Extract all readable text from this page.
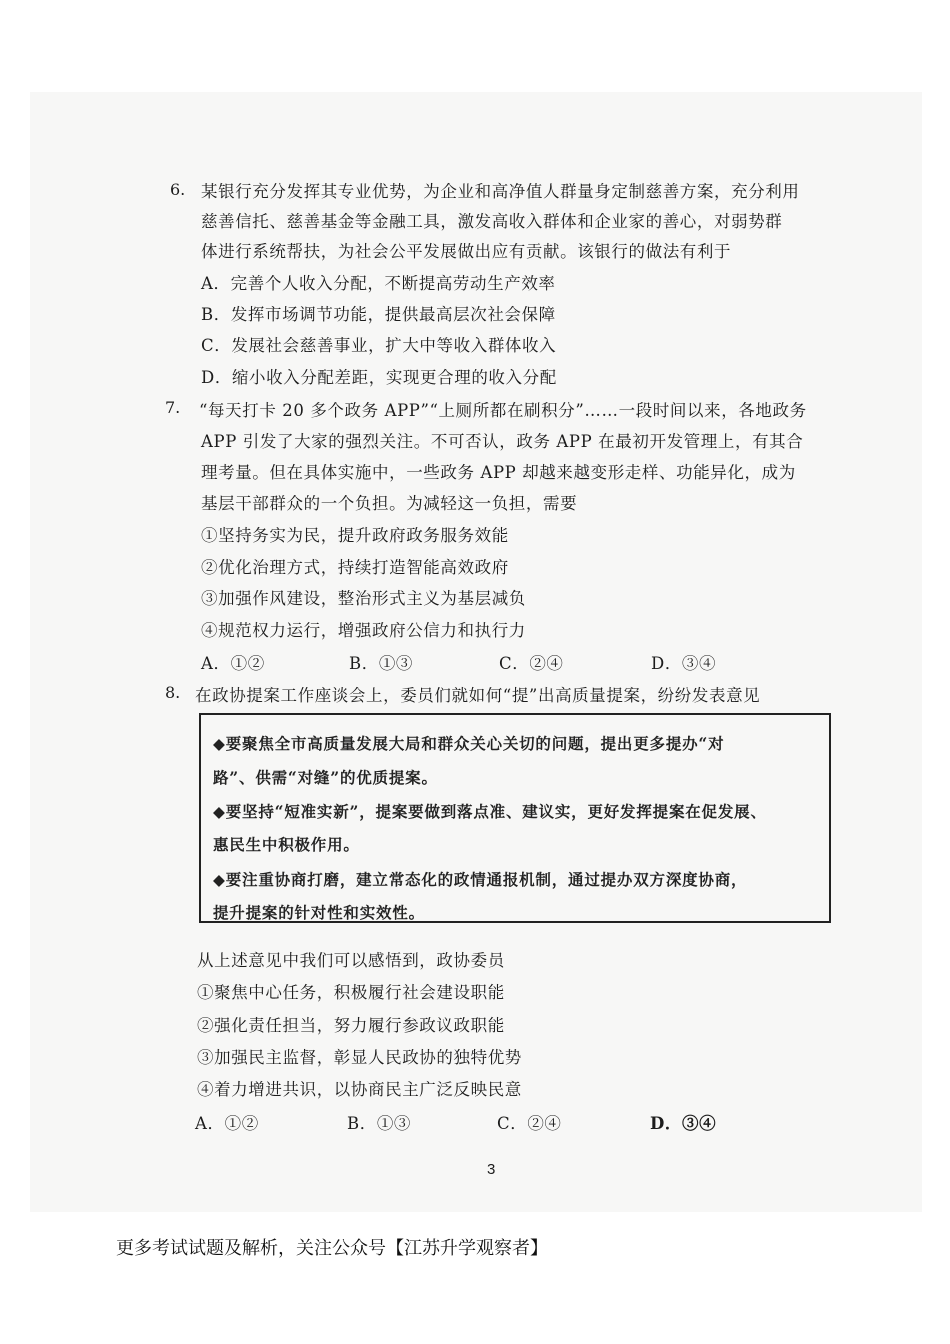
6. 某银行充分发挥其专业优势，为企业和高净值人群量身定制慈善方案，充分利用
慈善信托、慈善基金等金融工具，激发高收入群体和企业家的善心，对弱势群
体进行系统帮扶，为社会公平发展做出应有贡献。该银行的做法有利于
A．完善个人收入分配，不断提高劳动生产效率
B．发挥市场调节功能，提供最高层次社会保障
C．发展社会慈善事业，扩大中等收入群体收入
D．缩小收入分配差距，实现更合理的收入分配
7. “每天打卡 20 多个政务 APP”“上厕所都在刷积分”……一段时间以来，各地政务
APP 引发了大家的强烈关注。不可否认，政务 APP 在最初开发管理上，有其合
理考量。但在具体实施中，一些政务 APP 却越来越变形走样、功能异化，成为
基层干部群众的一个负担。为减轻这一负担，需要
①坚持务实为民，提升政府政务服务效能
②优化治理方式，持续打造智能高效政府
③加强作风建设，整治形式主义为基层减负
④规范权力运行，增强政府公信力和执行力
A．①②	B．①③	C．②④	D．③④
8. 在政协提案工作座谈会上，委员们就如何“提”出高质量提案，纷纷发表意见
◆要聚焦全市高质量发展大局和群众关心关切的问题，提出更多提办“对
路”、供需“对缝”的优质提案。
◆要坚持“短准实新”，提案要做到落点准、建议实，更好发挥提案在促发展、
惠民生中积极作用。
◆要注重协商打磨，建立常态化的政情通报机制，通过提办双方深度协商，
提升提案的针对性和实效性。
从上述意见中我们可以感悟到，政协委员
①聚焦中心任务，积极履行社会建设职能
②强化责任担当，努力履行参政议政职能
③加强民主监督，彰显人民政协的独特优势
④着力增进共识，以协商民主广泛反映民意
A．①②	B．①③	C．②④	D．③④
3
更多考试试题及解析，关注公众号【江苏升学观察者】
